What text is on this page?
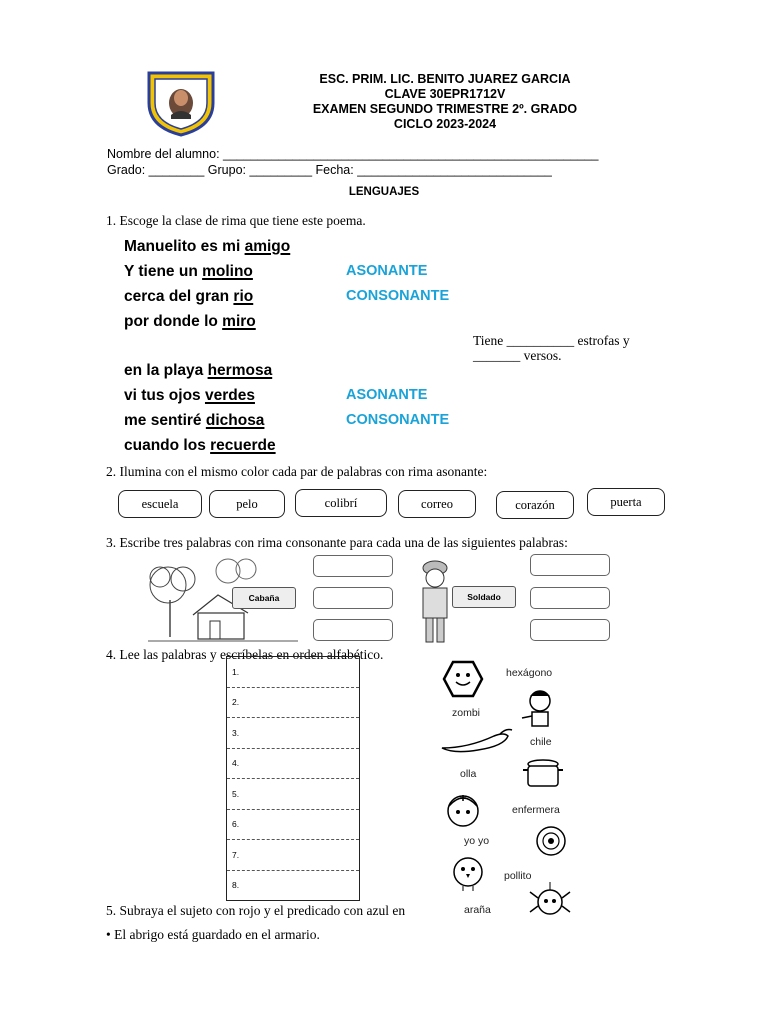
ESC. PRIM. LIC. BENITO JUAREZ GARCIA
CLAVE 30EPR1712V
EXAMEN SEGUNDO TRIMESTRE 2º. GRADO
CICLO 2023-2024
Nombre del alumno: ______________________________________________________
Grado: ________ Grupo: _________ Fecha: ____________________________
LENGUAJES
1. Escoge la clase de rima que tiene este poema.
Manuelito es mi amigo
Y tiene un molino
cerca del gran rio
por donde lo miro
ASONANTE
CONSONANTE
Tiene __________ estrofas y
_______ versos.
en la playa hermosa
vi tus ojos verdes
me sentiré dichosa
cuando los recuerde
ASONANTE
CONSONANTE
2. Ilumina con el mismo color cada par de palabras con rima asonante:
escuela	pelo	colibrí	correo	corazón	puerta
3. Escribe tres palabras con rima consonante para cada una de las siguientes palabras:
Cabaña	Soldado
4. Lee las palabras y escríbelas en orden alfabético.
1.
2.
3.
4.
5.
6.
7.
8.
hexágono
zombi
chile
olla
enfermera
yo yo
pollito
araña
5. Subraya el sujeto con rojo y el predicado con azul en
• El abrigo está guardado en el armario.
